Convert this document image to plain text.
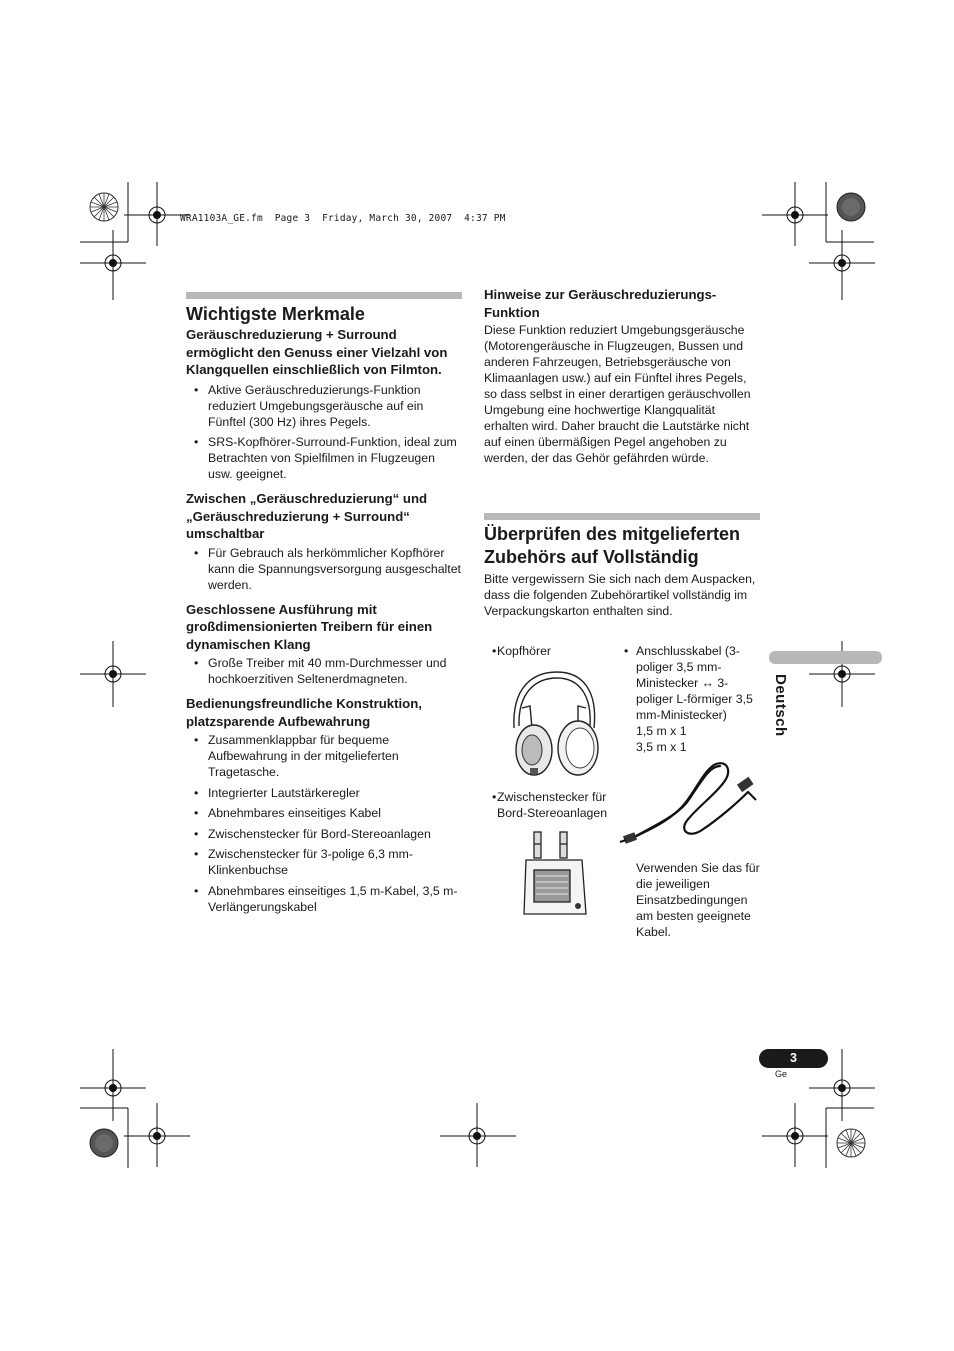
WRA1103A_GE.fm  Page 3  Friday, March 30, 2007  4:37 PM
Wichtigste Merkmale
Geräuschreduzierung + Surround ermöglicht den Genuss einer Vielzahl von Klangquellen einschließlich von Filmton.
• Aktive Geräuschreduzierungs-Funktion reduziert Umgebungsgeräusche auf ein Fünftel (300 Hz) ihres Pegels.
• SRS-Kopfhörer-Surround-Funktion, ideal zum Betrachten von Spielfilmen in Flugzeugen usw. geeignet.
Zwischen „Geräuschreduzierung“ und „Geräuschreduzierung + Surround“ umschaltbar
• Für Gebrauch als herkömmlicher Kopfhörer kann die Spannungsversorgung ausgeschaltet werden.
Geschlossene Ausführung mit großdimensionierten Treibern für einen dynamischen Klang
• Große Treiber mit 40 mm-Durchmesser und hochkoerzitiven Seltenerdmagneten.
Bedienungsfreundliche Konstruktion, platzsparende Aufbewahrung
• Zusammenklappbar für bequeme Aufbewahrung in der mitgelieferten Tragetasche.
• Integrierter Lautstärkeregler
• Abnehmbares einseitiges Kabel
• Zwischenstecker für Bord-Stereoanlagen
• Zwischenstecker für 3-polige 6,3 mm-Klinkenbuchse
• Abnehmbares einseitiges 1,5 m-Kabel, 3,5 m-Verlängerungskabel
Hinweise zur Geräuschreduzierungs-Funktion
Diese Funktion reduziert Umgebungsgeräusche (Motorengeräusche in Flugzeugen, Bussen und anderen Fahrzeugen, Betriebsgeräusche von Klimaanlagen usw.) auf ein Fünftel ihres Pegels, so dass selbst in einer derartigen geräuschvollen Umgebung eine hochwertige Klangqualität erhalten wird. Daher braucht die Lautstärke nicht auf einen übermäßigen Pegel angehoben zu werden, der das Gehör gefährden würde.
Überprüfen des mitgelieferten Zubehörs auf Vollständig
Bitte vergewissern Sie sich nach dem Auspacken, dass die folgenden Zubehörartikel vollständig im Verpackungskarton enthalten sind.
• Kopfhörer	• Anschlusskabel (3-poliger 3,5 mm-Ministecker ↔ 3-poliger L-förmiger 3,5 mm-Ministecker)
1,5 m x 1
3,5 m x 1
• Zwischenstecker für Bord-Stereoanlagen
Verwenden Sie das für die jeweiligen Einsatzbedingungen am besten geeignete Kabel.
Deutsch
3
Ge
